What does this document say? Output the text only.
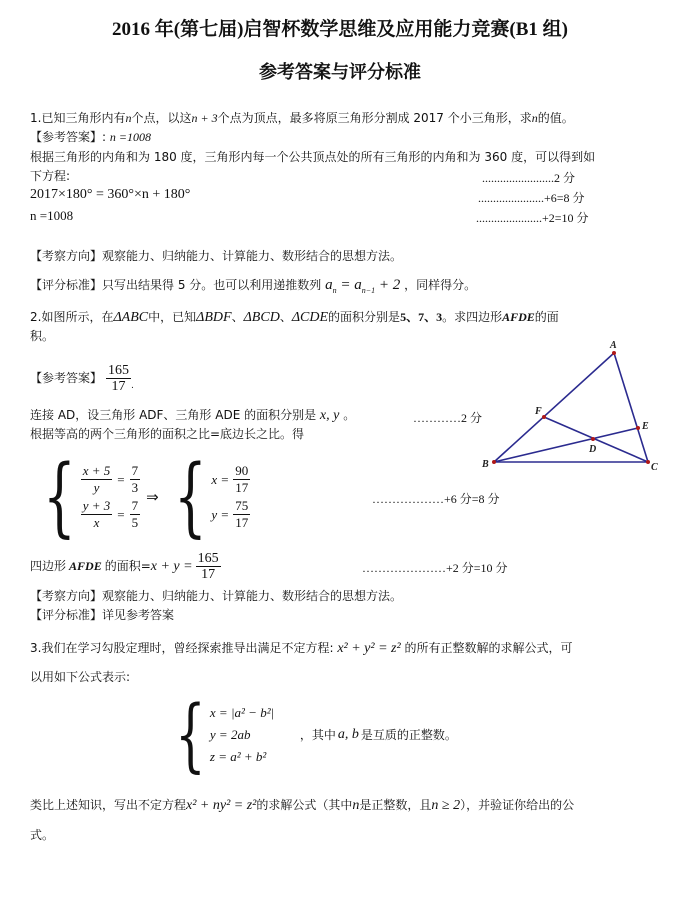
2016 年(第七届)启智杯数学思维及应用能力竞赛(B1 组)
参考答案与评分标准
1.已知三角形内有n个点，以这n + 3个点为顶点，最多将原三角形分割成 2017 个小三角形，求n的值。
【参考答案】: n =1008
根据三角形的内角和为 180 度，三角形内每一个公共顶点处的所有三角形的内角和为 360 度，可以得到如
下方程:	........................2 分
2017×180° = 360°×n + 180°	......................+6=8 分
n =1008	......................+2=10 分
【考察方向】观察能力、归纳能力、计算能力、数形结合的思想方法。
【评分标准】只写出结果得 5 分。也可以利用递推数列 $a_n = a_{n-1} + 2$ ，同样得分。
2.如图所示，在ΔABC中，已知ΔBDF、ΔBCD、ΔCDE的面积分别是5、7、3。求四边形AFDE的面
积。
【参考答案】 $\frac{165}{17}$ .
连接 AD，设三角形 ADF、三角形 ADE 的面积分别是 x, y 。	…………2 分
根据等高的两个三角形的面积之比=底边长之比。得
{ $\frac{x + 5}{y} = \frac{7}{3}$
$\frac{y + 3}{x} = \frac{7}{5}$
⇒ { $x = \frac{90}{17}$
$y = \frac{75}{17}$	………………+6 分=8 分
四边形 AFDE 的面积= $x + y = \frac{165}{17}$	…………………+2 分=10 分
【考察方向】观察能力、归纳能力、计算能力、数形结合的思想方法。
【评分标准】详见参考答案
A
B	C
D
E
F
3.我们在学习勾股定理时，曾经探索推导出满足不定方程: x² + y² = z² 的所有正整数解的求解公式，可
以用如下公式表示:
{ x = |a² − b²|
y = 2ab
z = a² + b²
，其中 a, b 是互质的正整数。
类比上述知识，写出不定方程x² + ny² = z²的求解公式（其中n是正整数，且n ≥ 2），并验证你给出的公
式。
